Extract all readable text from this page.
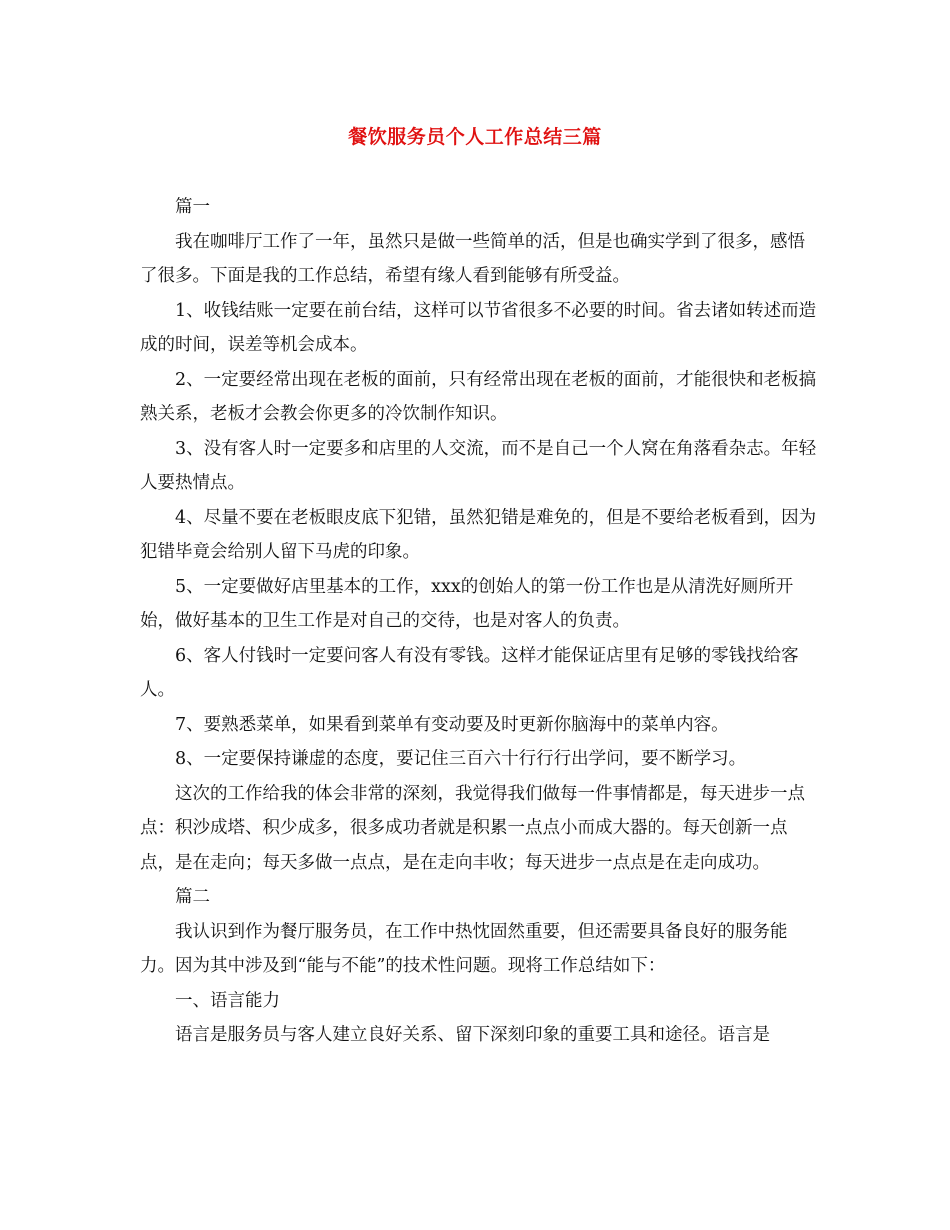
餐饮服务员个人工作总结三篇

篇一

我在咖啡厅工作了一年，虽然只是做一些简单的活，但是也确实学到了很多，感悟了很多。下面是我的工作总结，希望有缘人看到能够有所受益。

1、收钱结账一定要在前台结，这样可以节省很多不必要的时间。省去诸如转述而造成的时间，误差等机会成本。

2、一定要经常出现在老板的面前，只有经常出现在老板的面前，才能很快和老板搞熟关系，老板才会教会你更多的冷饮制作知识。

3、没有客人时一定要多和店里的人交流，而不是自己一个人窝在角落看杂志。年轻人要热情点。

4、尽量不要在老板眼皮底下犯错，虽然犯错是难免的，但是不要给老板看到，因为犯错毕竟会给别人留下马虎的印象。

5、一定要做好店里基本的工作，xxx的创始人的第一份工作也是从清洗好厕所开始，做好基本的卫生工作是对自己的交待，也是对客人的负责。

6、客人付钱时一定要问客人有没有零钱。这样才能保证店里有足够的零钱找给客人。

7、要熟悉菜单，如果看到菜单有变动要及时更新你脑海中的菜单内容。

8、一定要保持谦虚的态度，要记住三百六十行行行出学问，要不断学习。

这次的工作给我的体会非常的深刻，我觉得我们做每一件事情都是，每天进步一点点：积沙成塔、积少成多，很多成功者就是积累一点点小而成大器的。每天创新一点点，是在走向；每天多做一点点，是在走向丰收；每天进步一点点是在走向成功。

篇二

我认识到作为餐厅服务员，在工作中热忱固然重要，但还需要具备良好的服务能力。因为其中涉及到“能与不能”的技术性问题。现将工作总结如下：

一、语言能力

语言是服务员与客人建立良好关系、留下深刻印象的重要工具和途径。语言是
